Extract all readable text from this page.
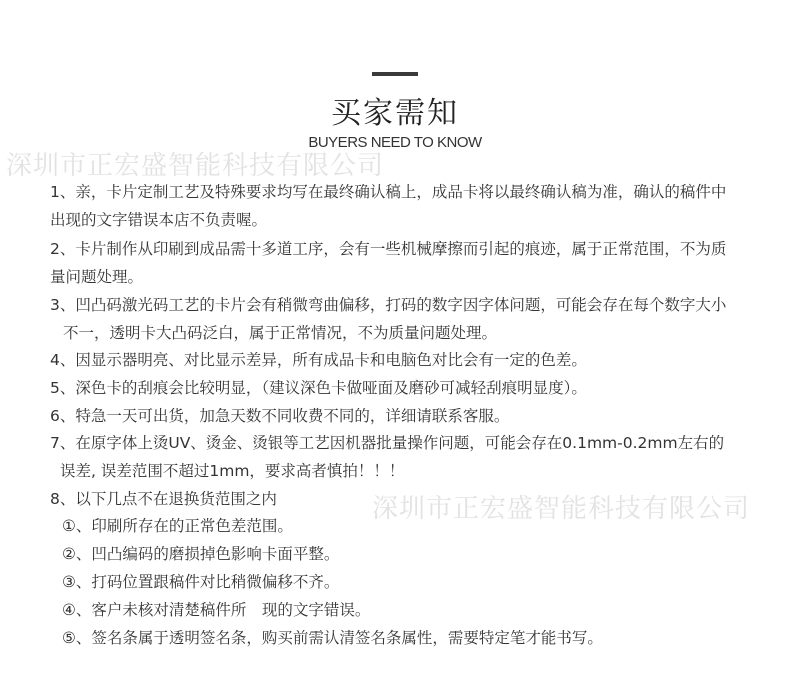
买家需知
BUYERS NEED TO KNOW
深圳市正宏盛智能科技有限公司
深圳市正宏盛智能科技有限公司
1、亲，卡片定制工艺及特殊要求均写在最终确认稿上，成品卡将以最终确认稿为准，确认的稿件中
出现的文字错误本店不负责喔。
2、卡片制作从印刷到成品需十多道工序，会有一些机械摩擦而引起的痕迹，属于正常范围，不为质
量问题处理。
3、凹凸码激光码工艺的卡片会有稍微弯曲偏移，打码的数字因字体问题，可能会存在每个数字大小
不一，透明卡大凸码泛白，属于正常情况，不为质量问题处理。
4、因显示器明亮、对比显示差异，所有成品卡和电脑色对比会有一定的色差。
5、深色卡的刮痕会比较明显，（建议深色卡做哑面及磨砂可减轻刮痕明显度）。
6、特急一天可出货，加急天数不同收费不同的，详细请联系客服。
7、在原字体上烫UV、烫金、烫银等工艺因机器批量操作问题，可能会存在0.1mm-0.2mm左右的
误差, 误差范围不超过1mm，要求高者慎拍！！！
8、以下几点不在退换货范围之内
①、印刷所存在的正常色差范围。
②、凹凸编码的磨损掉色影响卡面平整。
③、打码位置跟稿件对比稍微偏移不齐。
④、客户未核对清楚稿件所　现的文字错误。
⑤、签名条属于透明签名条，购买前需认清签名条属性，需要特定笔才能书写。
